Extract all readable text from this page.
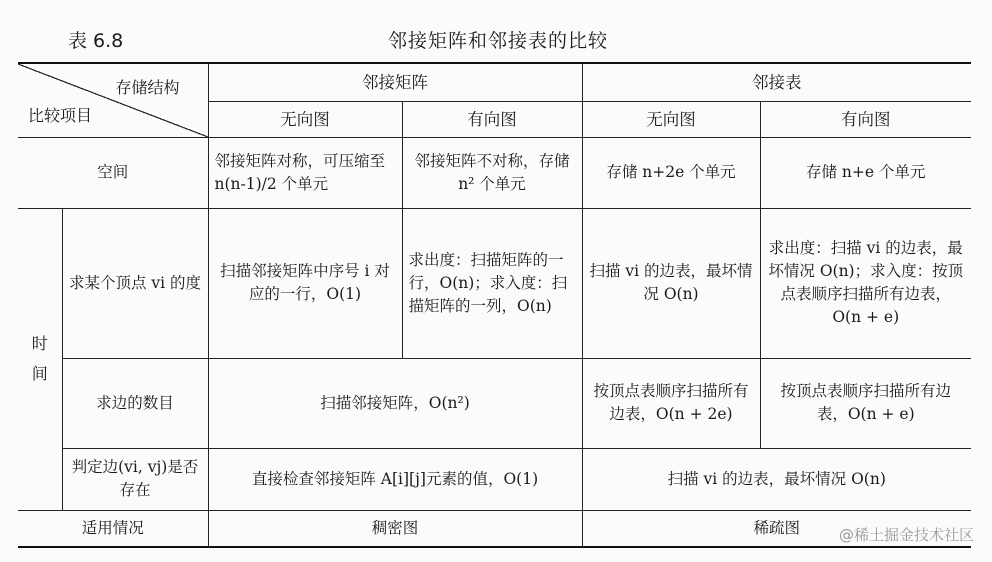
表 6.8	邻接矩阵和邻接表的比较
存储结构
比较项目		邻接矩阵		邻接表	
		无向图	有向图	无向图	有向图
空间		邻接矩阵对称，可压缩至 n(n-1)/2 个单元	邻接矩阵不对称，存储 n² 个单元	存储 n+2e 个单元	存储 n+e 个单元
时间	求某个顶点 vi 的度	扫描邻接矩阵中序号 i 对应的一行，O(1)	求出度：扫描矩阵的一行，O(n)；求入度：扫描矩阵的一列，O(n)	扫描 vi 的边表，最坏情况 O(n)	求出度：扫描 vi 的边表，最坏情况 O(n)；求入度：按顶点表顺序扫描所有边表，O(n + e)
	求边的数目	扫描邻接矩阵，O(n²)		按顶点表顺序扫描所有边表，O(n + 2e)	按顶点表顺序扫描所有边表，O(n + e)
	判定边(vi, vj)是否存在	直接检查邻接矩阵 A[i][j]元素的值，O(1)		扫描 vi 的边表，最坏情况 O(n)	
适用情况		稠密图		稀疏图		@稀土掘金技术社区
